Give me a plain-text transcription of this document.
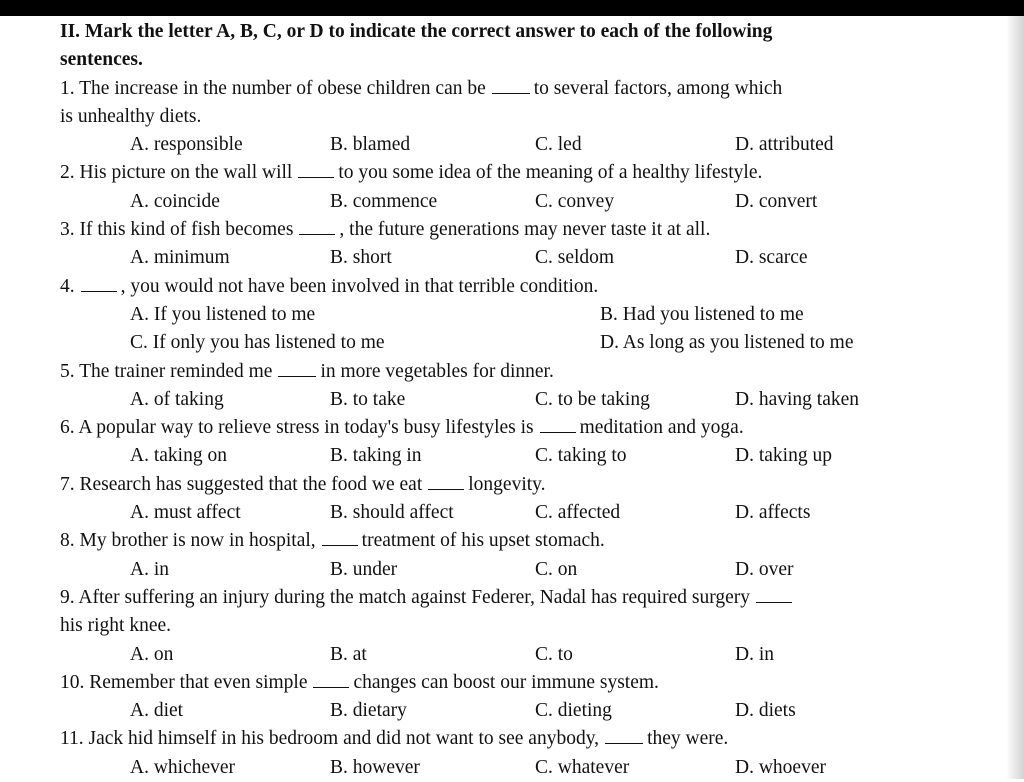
II. Mark the letter A, B, C, or D to indicate the correct answer to each of the following
sentences.
1. The increase in the number of obese children can be to several factors, among which
is unhealthy diets.
A. responsible	B. blamed	C. led	D. attributed
2. His picture on the wall will to you some idea of the meaning of a healthy lifestyle.
A. coincide	B. commence	C. convey	D. convert
3. If this kind of fish becomes , the future generations may never taste it at all.
A. minimum	B. short	C. seldom	D. scarce
4. , you would not have been involved in that terrible condition.
A. If you listened to me	B. Had you listened to me
C. If only you has listened to me	D. As long as you listened to me
5. The trainer reminded me in more vegetables for dinner.
A. of taking	B. to take	C. to be taking	D. having taken
6. A popular way to relieve stress in today's busy lifestyles is meditation and yoga.
A. taking on	B. taking in	C. taking to	D. taking up
7. Research has suggested that the food we eat longevity.
A. must affect	B. should affect	C. affected	D. affects
8. My brother is now in hospital, treatment of his upset stomach.
A. in	B. under	C. on	D. over
9. After suffering an injury during the match against Federer, Nadal has required surgery
his right knee.
A. on	B. at	C. to	D. in
10. Remember that even simple changes can boost our immune system.
A. diet	B. dietary	C. dieting	D. diets
11. Jack hid himself in his bedroom and did not want to see anybody, they were.
A. whichever	B. however	C. whatever	D. whoever
